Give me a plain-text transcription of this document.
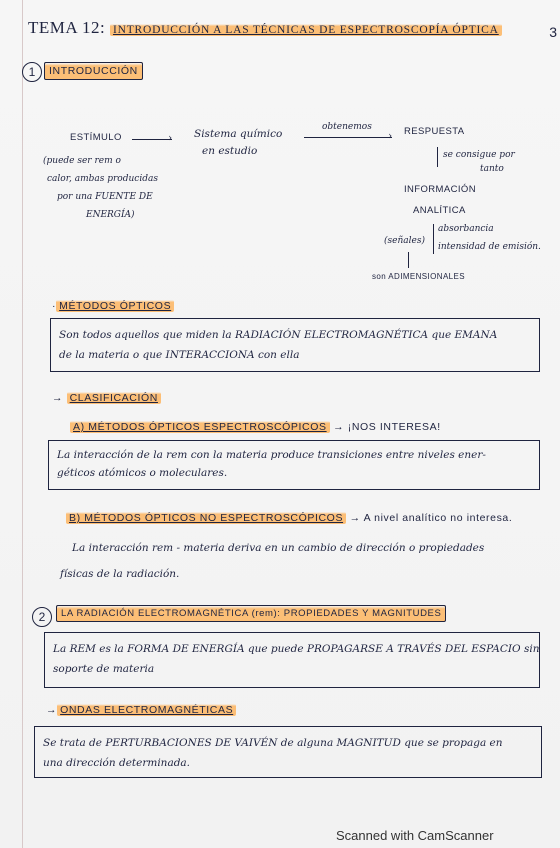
TEMA 12: INTRODUCCIÓN A LAS TÉCNICAS DE ESPECTROSCOPÍA ÓPTICA	3
1	INTRODUCCIÓN
ESTÍMULO	›
(puede ser rem o
calor, ambas producidas
por una FUENTE DE
ENERGÍA)
Sistema químico
en estudio
obtenemos
› RESPUESTA
se consigue por
tanto
INFORMACIÓN
ANALÍTICA
(señales)
absorbancia
intensidad de emisión.
son ADIMENSIONALES
· MÉTODOS ÓPTICOS
Son todos aquellos que miden la RADIACIÓN ELECTROMAGNÉTICA que EMANA
de la materia o que INTERACCIONA con ella
→ CLASIFICACIÓN
A) MÉTODOS ÓPTICOS ESPECTROSCÓPICOS → ¡NOS INTERESA!
La interacción de la rem con la materia produce transiciones entre niveles ener-
géticos atómicos o moleculares.
B) MÉTODOS ÓPTICOS NO ESPECTROSCÓPICOS → A nivel analítico no interesa.
La interacción rem - materia deriva en un cambio de dirección o propiedades
físicas de la radiación.
2	LA RADIACIÓN ELECTROMAGNÉTICA (rem): PROPIEDADES Y MAGNITUDES
La REM es la FORMA DE ENERGÍA que puede PROPAGARSE A TRAVÉS DEL ESPACIO sin
soporte de materia
→ ONDAS ELECTROMAGNÉTICAS
Se trata de PERTURBACIONES DE VAIVÉN de alguna MAGNITUD que se propaga en
una dirección determinada.
Scanned with CamScanner
